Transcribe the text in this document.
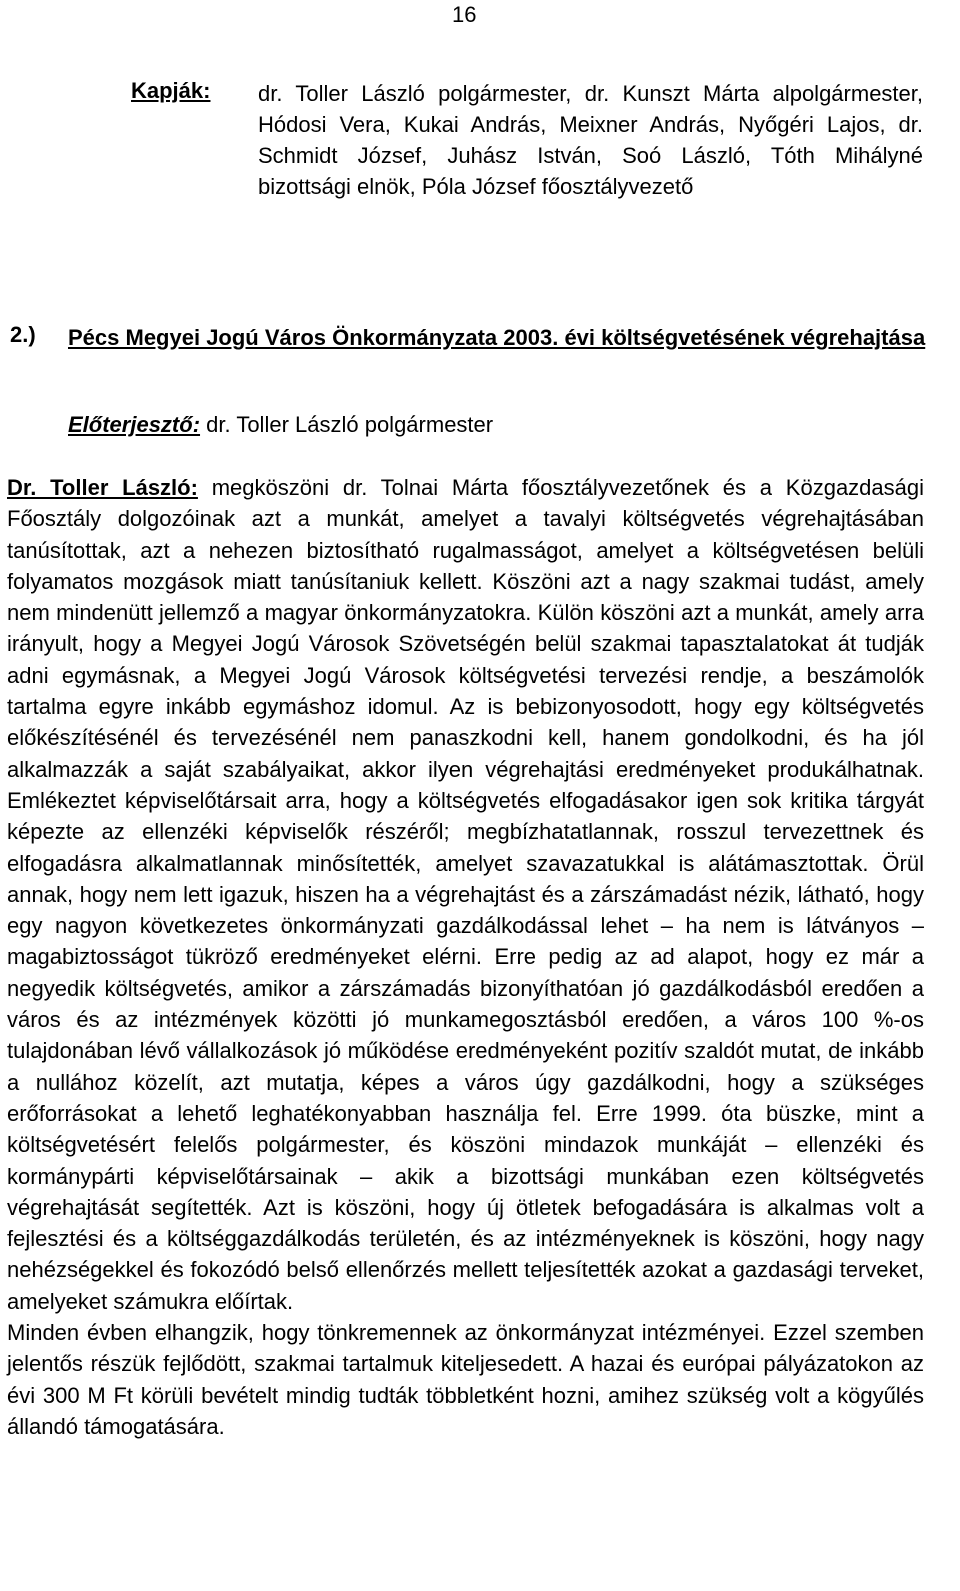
16
Kapják: dr. Toller László polgármester, dr. Kunszt Márta alpolgármester, Hódosi Vera, Kukai András, Meixner András, Nyőgéri Lajos, dr. Schmidt József, Juhász István, Soó László, Tóth Mihályné bizottsági elnök, Póla József főosztályvezető
2.) Pécs Megyei Jogú Város Önkormányzata 2003. évi költségvetésének végrehajtása
Előterjesztő: dr. Toller László polgármester

Dr. Toller László: megköszöni dr. Tolnai Márta főosztályvezetőnek és a Közgazdasági Főosztály dolgozóinak azt a munkát, amelyet a tavalyi költségvetés végrehajtásában tanúsítottak, azt a nehezen biztosítható rugalmasságot, amelyet a költségvetésen belüli folyamatos mozgások miatt tanúsítaniuk kellett. Köszöni azt a nagy szakmai tudást, amely nem mindenütt jellemző a magyar önkormányzatokra. Külön köszöni azt a munkát, amely arra irányult, hogy a Megyei Jogú Városok Szövetségén belül szakmai tapasztalatokat át tudják adni egymásnak, a Megyei Jogú Városok költségvetési tervezési rendje, a beszámolók tartalma egyre inkább egymáshoz idomul. Az is bebizonyosodott, hogy egy költségvetés előkészítésénél és tervezésénél nem panaszkodni kell, hanem gondolkodni, és ha jól alkalmazzák a saját szabályaikat, akkor ilyen végrehajtási eredményeket produkálhatnak. Emlékeztet képviselőtársait arra, hogy a költségvetés elfogadásakor igen sok kritika tárgyát képezte az ellenzéki képviselők részéről; megbízhatatlannak, rosszul tervezettnek és elfogadásra alkalmatlannak minősítették, amelyet szavazatukkal is alátámasztottak. Örül annak, hogy nem lett igazuk, hiszen ha a végrehajtást és a zárszámadást nézik, látható, hogy egy nagyon következetes önkormányzati gazdálkodással lehet – ha nem is látványos – magabiztosságot tükröző eredményeket elérni. Erre pedig az ad alapot, hogy ez már a negyedik költségvetés, amikor a zárszámadás bizonyíthatóan jó gazdálkodásból eredően a város és az intézmények közötti jó munkamegosztásból eredően, a város 100 %-os tulajdonában lévő vállalkozások jó működése eredményeként pozitív szaldót mutat, de inkább a nullához közelít, azt mutatja, képes a város úgy gazdálkodni, hogy a szükséges erőforrásokat a lehető leghatékonyabban használja fel. Erre 1999. óta büszke, mint a költségvetésért felelős polgármester, és köszöni mindazok munkáját – ellenzéki és kormánypárti képviselőtársainak – akik a bizottsági munkában ezen költségvetés végrehajtását segítették. Azt is köszöni, hogy új ötletek befogadására is alkalmas volt a fejlesztési és a költséggazdálkodás területén, és az intézményeknek is köszöni, hogy nagy nehézségekkel és fokozódó belső ellenőrzés mellett teljesítették azokat a gazdasági terveket, amelyeket számukra előírtak.

Minden évben elhangzik, hogy tönkremennek az önkormányzat intézményei. Ezzel szemben jelentős részük fejlődött, szakmai tartalmuk kiteljesedett. A hazai és európai pályázatokon az évi 300 M Ft körüli bevételt mindig tudták többletként hozni, amihez szükség volt a kögyűlés állandó támogatására.
